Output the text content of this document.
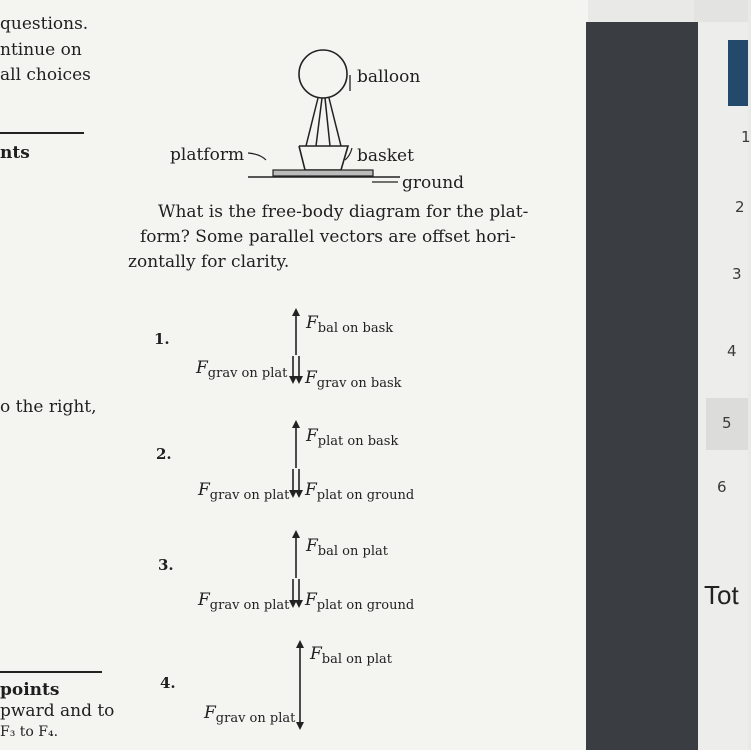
questions.
ntinue on
all choices
nts
o the right,
points
pward and to
F₃ to F₄.
balloon
platform	basket
ground
What is the free-body diagram for the plat-
form? Some parallel vectors are offset hori-
zontally for clarity.
1.
$F_{bal on bask}$
$F_{grav on plat}$ $F_{grav on bask}$
2.
$F_{plat on bask}$
$F_{grav on plat}$ $F_{plat on ground}$
3.
$F_{bal on plat}$
$F_{grav on plat}$ $F_{plat on ground}$
4.
$F_{bal on plat}$
$F_{grav on plat}$
1
2
3
4
5
6
Tot
